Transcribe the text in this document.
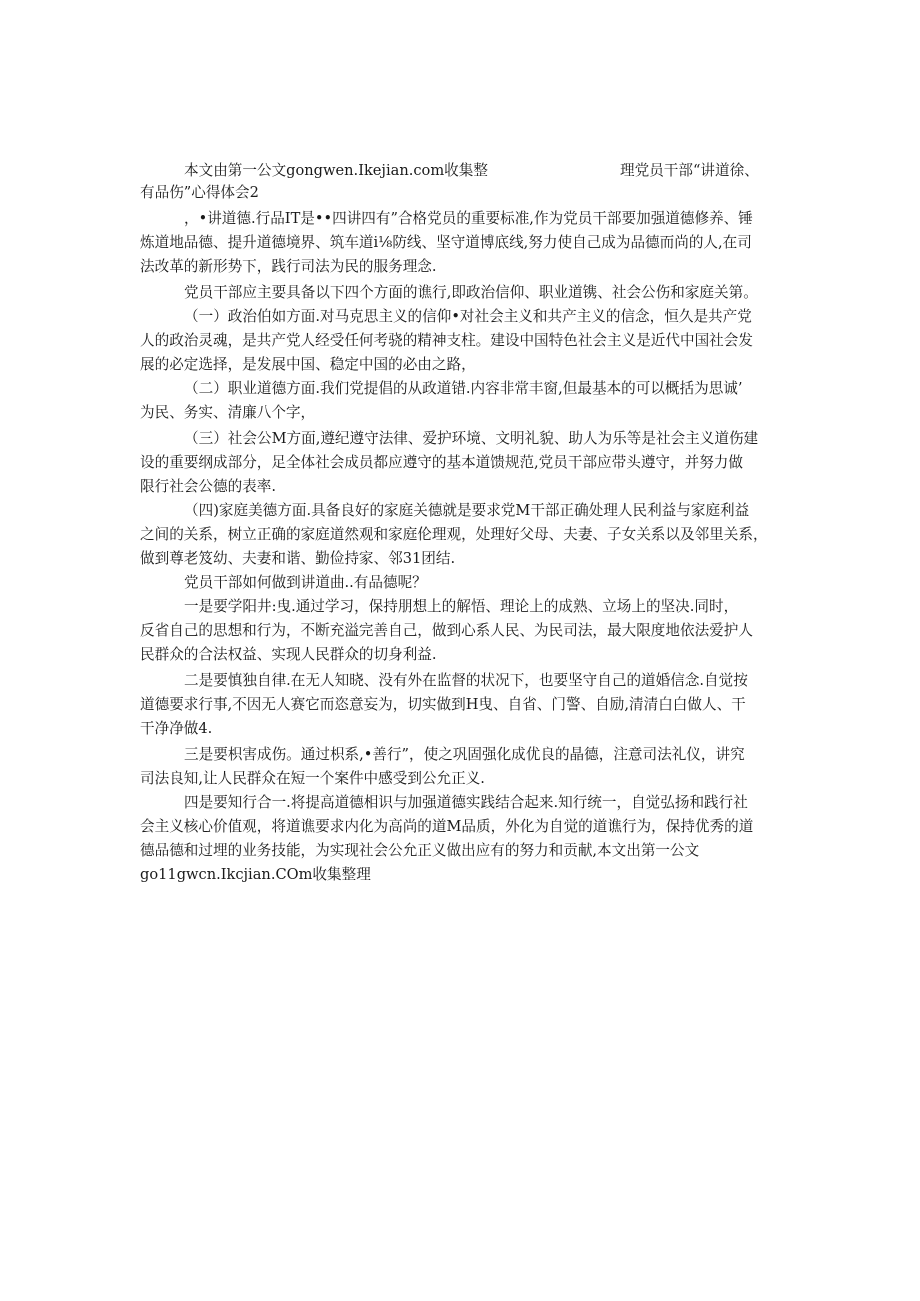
本文由第一公文gongwen.Ikejian.com收集整	理党员干部“讲道徐、
有品伤”心得体会2
，•讲道德.行品IT是••四讲四有”合格党员的重要标准,作为党员干部要加强道德修养、锤
炼道地品德、提升道德境界、筑车道i⅛防线、坚守道博底线,努力使自己成为品德而尚的人,在司
法改革的新形势下，践行司法为民的服务理念.
党员干部应主要具备以下四个方面的谯行,即政治信仰、职业道镌、社会公伤和家庭关第。
（一）政治伯如方面.对马克思主义的信仰•对社会主义和共产主义的信念，恒久是共产党
人的政治灵魂，是共产党人经受任何考骁的精神支柱。建设中国特色社会主义是近代中国社会发
展的必定选择，是发展中国、稳定中国的必由之路，
（二）职业道德方面.我们党提倡的从政道错.内容非常丰窗,但最基本的可以概括为思诚’
为民、务实、清廉八个字，
（三）社会公M方面,遵纪遵守法律、爱护环境、文明礼貌、助人为乐等是社会主义道伤建
设的重要纲成部分，足全体社会成员都应遵守的基本道馈规范,党员干部应带头遵守，并努力做
限行社会公德的表率.
（四)家庭美德方面.具备良好的家庭关德就是要求党M干部正确处理人民利益与家庭利益
之间的关系，树立正确的家庭道然观和家庭伦理观，处理好父母、夫妻、子女关系以及邻里关系，
做到尊老笈幼、夫妻和谐、勤俭持家、邻31团结.
党员干部如何做到讲道曲..有品德呢？
一是要学阳井:曳.通过学习，保持朋想上的解悟、理论上的成熟、立场上的坚决.同时，
反省自己的思想和行为，不断充溢完善自己，做到心系人民、为民司法，最大限度地依法爱护人
民群众的合法权益、实现人民群众的切身利益.
二是要慎独自律.在无人知晓、没有外在监督的状况下，也要坚守自己的道婚信念.自觉按
道德要求行事,不因无人赛它而恣意妄为，切实做到H曳、自省、门警、自励,清清白白做人、干
干净净做4.
三是要枳害成伤。通过枳系,•善行”，使之巩固强化成优良的晶德，注意司法礼仪，讲究
司法良知,让人民群众在短一个案件中感受到公允正义.
四是要知行合一.将提高道德相识与加强道德实践结合起来.知行统一，自觉弘扬和践行社
会主义核心价值观，将道谯要求内化为高尚的道M品质，外化为自觉的道谯行为，保持优秀的道
德品德和过埋的业务技能，为实现社会公允正义做出应有的努力和贡献,本文出第一公文
go11gwcn.Ikcjian.COm收集整理
